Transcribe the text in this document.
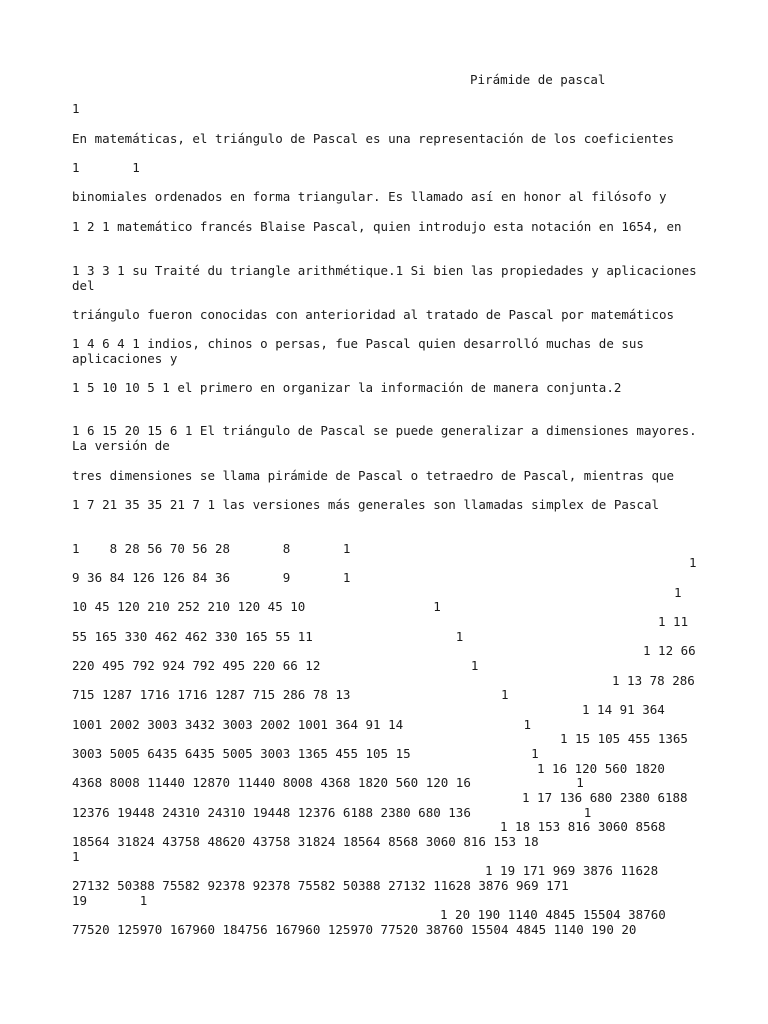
Pirámide de pascal
1
En matemáticas, el triángulo de Pascal es una representación de los coeficientes
1       1
binomiales ordenados en forma triangular. Es llamado así en honor al filósofo y
1 2 1 matemático francés Blaise Pascal, quien introdujo esta notación en 1654, en
1 3 3 1 su Traité du triangle arithmétique.1 Si bien las propiedades y aplicaciones del
triángulo fueron conocidas con anterioridad al tratado de Pascal por matemáticos
1 4 6 4 1 indios, chinos o persas, fue Pascal quien desarrolló muchas de sus aplicaciones y
1 5 10 10 5 1 el primero en organizar la información de manera conjunta.2
1 6 15 20 15 6 1 El triángulo de Pascal se puede generalizar a dimensiones mayores. La versión de
tres dimensiones se llama pirámide de Pascal o tetraedro de Pascal, mientras que
1 7 21 35 35 21 7 1 las versiones más generales son llamadas simplex de Pascal
1    8 28 56 70 56 28       8       1
1
9 36 84 126 126 84 36       9       1
1
10 45 120 210 252 210 120 45 10                 1
1 11
55 165 330 462 462 330 165 55 11                   1
1 12 66
220 495 792 924 792 495 220 66 12                    1
1 13 78 286
715 1287 1716 1716 1287 715 286 78 13                    1
1 14 91 364
1001 2002 3003 3432 3003 2002 1001 364 91 14                1
1 15 105 455 1365
3003 5005 6435 6435 5005 3003 1365 455 105 15                1
1 16 120 560 1820
4368 8008 11440 12870 11440 8008 4368 1820 560 120 16              1
1 17 136 680 2380 6188
12376 19448 24310 24310 19448 12376 6188 2380 680 136               1
1 18 153 816 3060 8568
18564 31824 43758 48620 43758 31824 18564 8568 3060 816 153 18
1
1 19 171 969 3876 11628
27132 50388 75582 92378 92378 75582 50388 27132 11628 3876 969 171
19       1
1 20 190 1140 4845 15504 38760
77520 125970 167960 184756 167960 125970 77520 38760 15504 4845 1140 190 20
